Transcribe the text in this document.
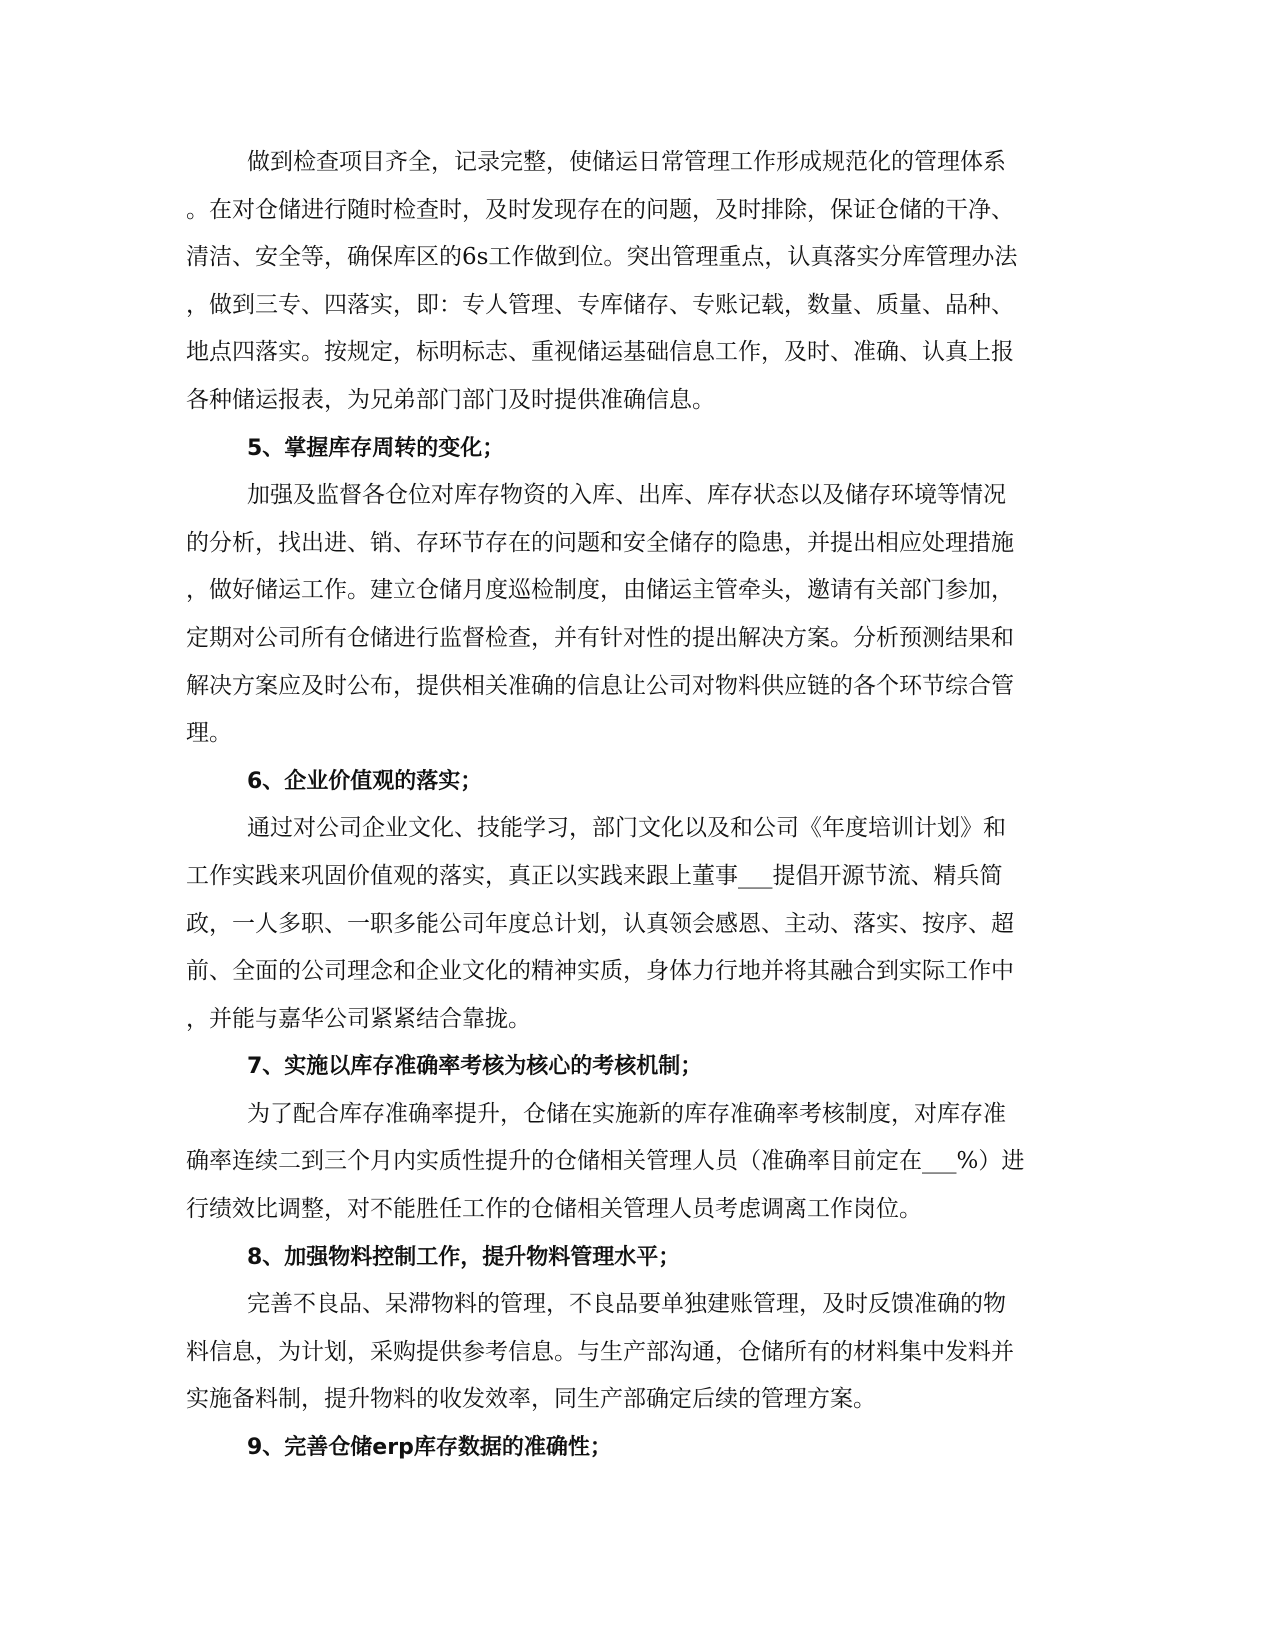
做到检查项目齐全，记录完整，使储运日常管理工作形成规范化的管理体系
。在对仓储进行随时检查时，及时发现存在的问题，及时排除，保证仓储的干净、
清洁、安全等，确保库区的6s工作做到位。突出管理重点，认真落实分库管理办法
，做到三专、四落实，即：专人管理、专库储存、专账记载，数量、质量、品种、
地点四落实。按规定，标明标志、重视储运基础信息工作，及时、准确、认真上报
各种储运报表，为兄弟部门部门及时提供准确信息。
5、掌握库存周转的变化；
加强及监督各仓位对库存物资的入库、出库、库存状态以及储存环境等情况
的分析，找出进、销、存环节存在的问题和安全储存的隐患，并提出相应处理措施
，做好储运工作。建立仓储月度巡检制度，由储运主管牵头，邀请有关部门参加，
定期对公司所有仓储进行监督检查，并有针对性的提出解决方案。分析预测结果和
解决方案应及时公布，提供相关准确的信息让公司对物料供应链的各个环节综合管
理。
6、企业价值观的落实；
通过对公司企业文化、技能学习，部门文化以及和公司《年度培训计划》和
工作实践来巩固价值观的落实，真正以实践来跟上董事___提倡开源节流、精兵简
政，一人多职、一职多能公司年度总计划，认真领会感恩、主动、落实、按序、超
前、全面的公司理念和企业文化的精神实质，身体力行地并将其融合到实际工作中
，并能与嘉华公司紧紧结合靠拢。
7、实施以库存准确率考核为核心的考核机制；
为了配合库存准确率提升，仓储在实施新的库存准确率考核制度，对库存准
确率连续二到三个月内实质性提升的仓储相关管理人员（准确率目前定在___%）进
行绩效比调整，对不能胜任工作的仓储相关管理人员考虑调离工作岗位。
8、加强物料控制工作，提升物料管理水平；
完善不良品、呆滞物料的管理，不良品要单独建账管理，及时反馈准确的物
料信息，为计划，采购提供参考信息。与生产部沟通，仓储所有的材料集中发料并
实施备料制，提升物料的收发效率，同生产部确定后续的管理方案。
9、完善仓储erp库存数据的准确性；
